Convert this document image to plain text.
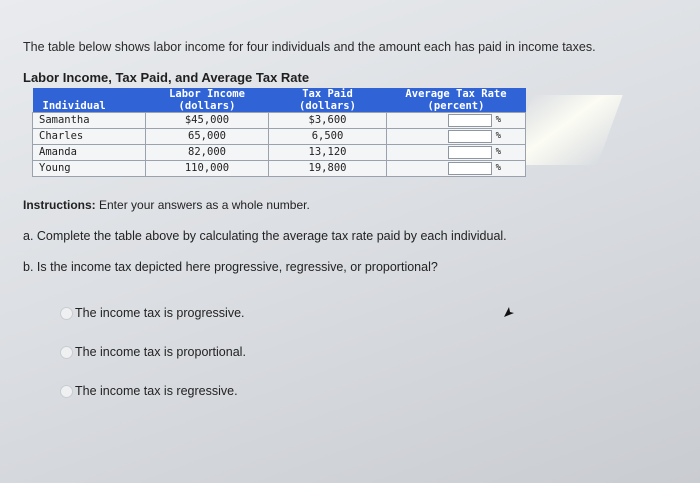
The table below shows labor income for four individuals and the amount each has paid in income taxes.
Labor Income, Tax Paid, and Average Tax Rate
Individual	Labor Income	Tax Paid	Average Tax Rate
	(dollars)	(dollars)	(percent)
Samantha	$45,000	$3,600	%

Charles	65,000	6,500	%

Amanda	82,000	13,120	%

Young	110,000	19,800	%
Instructions: Enter your answers as a whole number.
a. Complete the table above by calculating the average tax rate paid by each individual.
b. Is the income tax depicted here progressive, regressive, or proportional?
The income tax is progressive.
The income tax is proportional.
The income tax is regressive.
